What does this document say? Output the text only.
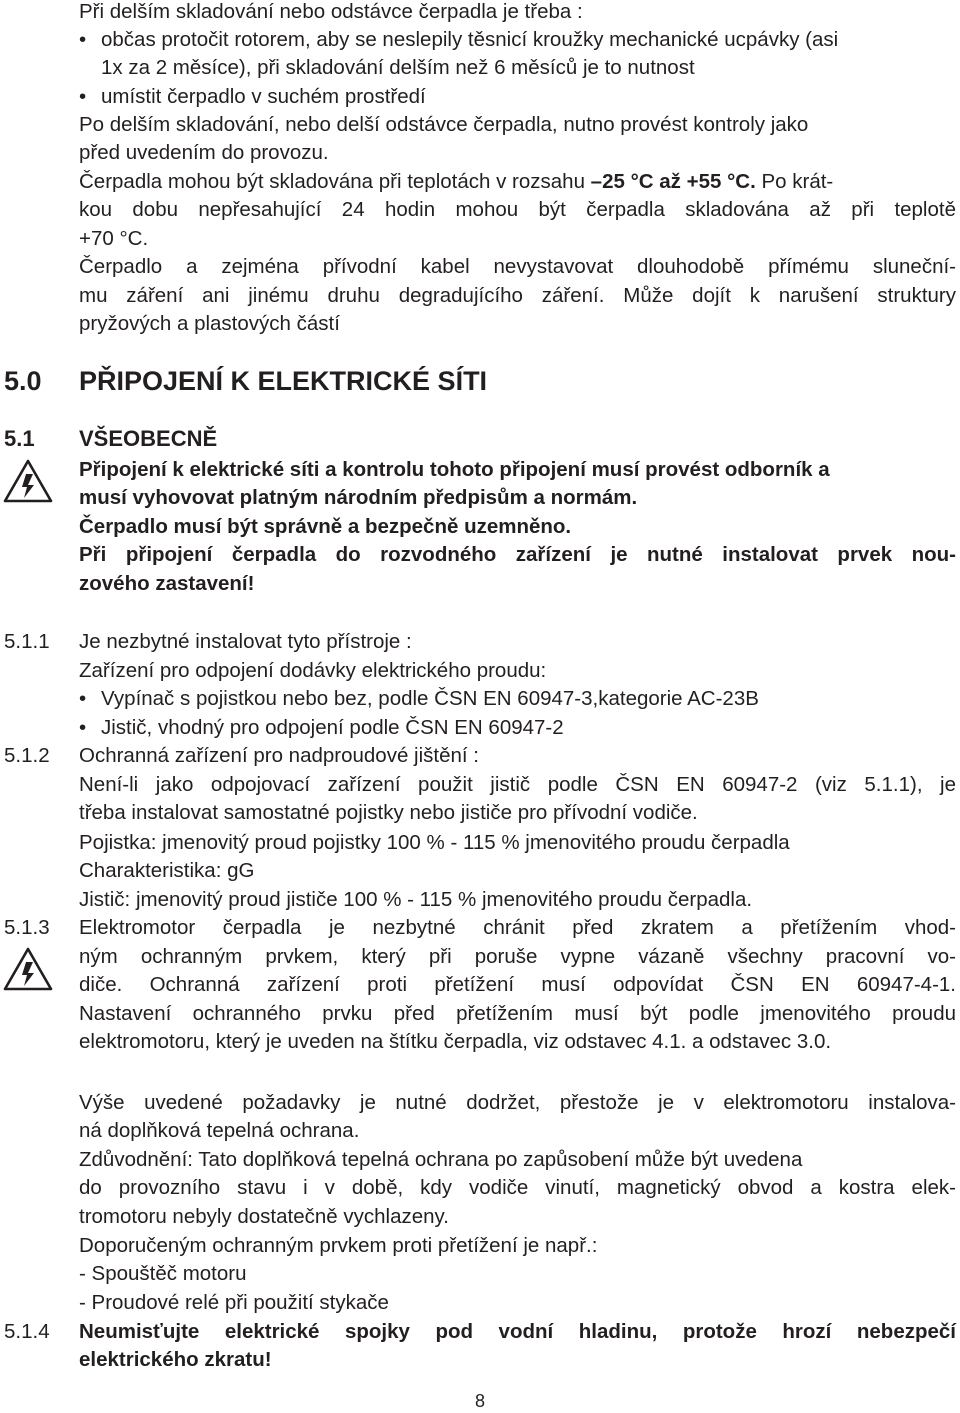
Při delším skladování nebo odstávce čerpadla je třeba :
• občas protočit rotorem, aby se neslepily těsnicí kroužky mechanické ucpávky (asi
1x za 2 měsíce), při skladování delším než 6 měsíců je to nutnost
• umístit čerpadlo v suchém prostředí
Po delším skladování, nebo delší odstávce čerpadla, nutno provést kontroly jako
před uvedením do provozu.
Čerpadla mohou být skladována při teplotách v rozsahu –25 °C až +55 °C. Po krát-
kou dobu nepřesahující 24 hodin mohou být čerpadla skladována až při teplotě
+70 °C.
Čerpadlo a zejména přívodní kabel nevystavovat dlouhodobě přímému sluneční-
mu záření ani jinému druhu degradujícího záření. Může dojít k narušení struktury
pryžových a plastových částí
5.0 PŘIPOJENÍ K ELEKTRICKÉ SÍTI
5.1 VŠEOBECNĚ
Připojení k elektrické síti a kontrolu tohoto připojení musí provést odborník a
musí vyhovovat platným národním předpisům a normám.
Čerpadlo musí být správně a bezpečně uzemněno.
Při připojení čerpadla do rozvodného zařízení je nutné instalovat prvek nou-
zového zastavení!
5.1.1 Je nezbytné instalovat tyto přístroje :
Zařízení pro odpojení dodávky elektrického proudu:
• Vypínač s pojistkou nebo bez, podle ČSN EN 60947-3,kategorie AC-23B
• Jistič, vhodný pro odpojení podle ČSN EN 60947-2
5.1.2 Ochranná zařízení pro nadproudové jištění :
Není-li jako odpojovací zařízení použit jistič podle ČSN EN 60947-2 (viz 5.1.1), je
třeba instalovat samostatné pojistky nebo jističe pro přívodní vodiče.
Pojistka: jmenovitý proud pojistky 100 % - 115 % jmenovitého proudu čerpadla
Charakteristika: gG
Jistič: jmenovitý proud jističe 100 % - 115 % jmenovitého proudu čerpadla.
5.1.3 Elektromotor čerpadla je nezbytné chránit před zkratem a přetížením vhod-
ným ochranným prvkem, který při poruše vypne vázaně všechny pracovní vo-
diče. Ochranná zařízení proti přetížení musí odpovídat ČSN EN 60947-4-1.
Nastavení ochranného prvku před přetížením musí být podle jmenovitého proudu
elektromotoru, který je uveden na štítku čerpadla, viz odstavec 4.1. a odstavec 3.0.
Výše uvedené požadavky je nutné dodržet, přestože je v elektromotoru instalova-
ná doplňková tepelná ochrana.
Zdůvodnění: Tato doplňková tepelná ochrana po zapůsobení může být uvedena
do provozního stavu i v době, kdy vodiče vinutí, magnetický obvod a kostra elek-
tromotoru nebyly dostatečně vychlazeny.
Doporučeným ochranným prvkem proti přetížení je např.:
- Spouštěč motoru
- Proudové relé při použití stykače
5.1.4 Neumisťujte elektrické spojky pod vodní hladinu, protože hrozí nebezpečí
elektrického zkratu!
8
